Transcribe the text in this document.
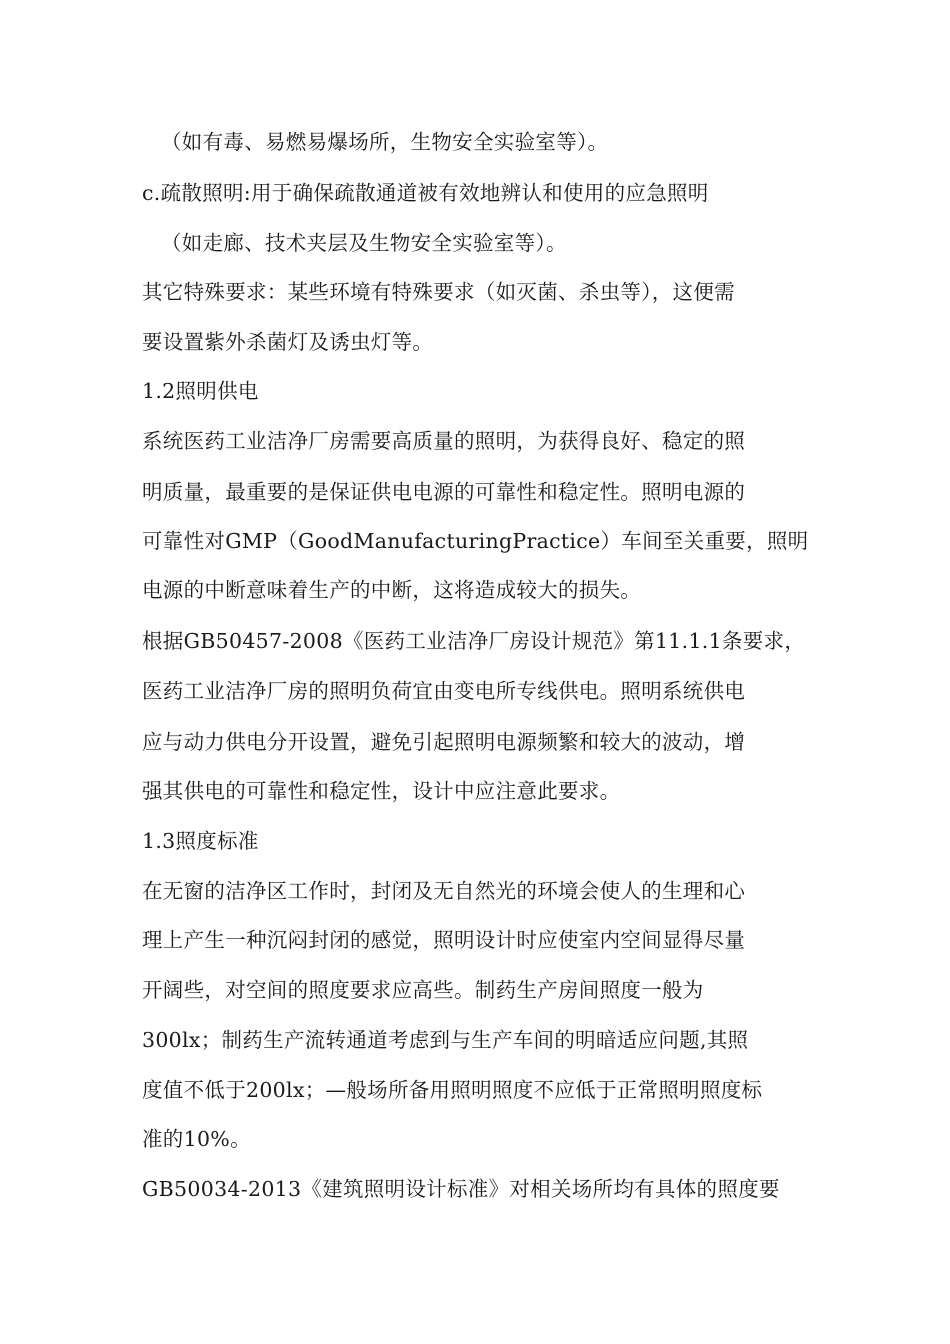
（如有毒、易燃易爆场所，生物安全实验室等）。
c.疏散照明:用于确保疏散通道被有效地辨认和使用的应急照明
（如走廊、技术夹层及生物安全实验室等）。
其它特殊要求：某些环境有特殊要求（如灭菌、杀虫等），这便需
要设置紫外杀菌灯及诱虫灯等。
1.2照明供电
系统医药工业洁净厂房需要高质量的照明，为获得良好、稳定的照
明质量，最重要的是保证供电电源的可靠性和稳定性。照明电源的
可靠性对GMP（GoodManufacturingPractice）车间至关重要，照明
电源的中断意味着生产的中断，这将造成较大的损失。
根据GB50457-2008《医药工业洁净厂房设计规范》第11.1.1条要求，
医药工业洁净厂房的照明负荷宜由变电所专线供电。照明系统供电
应与动力供电分开设置，避免引起照明电源频繁和较大的波动，增
强其供电的可靠性和稳定性，设计中应注意此要求。
1.3照度标准
在无窗的洁净区工作时，封闭及无自然光的环境会使人的生理和心
理上产生一种沉闷封闭的感觉，照明设计时应使室内空间显得尽量
开阔些，对空间的照度要求应高些。制药生产房间照度一般为
300lx；制药生产流转通道考虑到与生产车间的明暗适应问题,其照
度值不低于200lx；—般场所备用照明照度不应低于正常照明照度标
准的10%。
GB50034-2013《建筑照明设计标准》对相关场所均有具体的照度要
